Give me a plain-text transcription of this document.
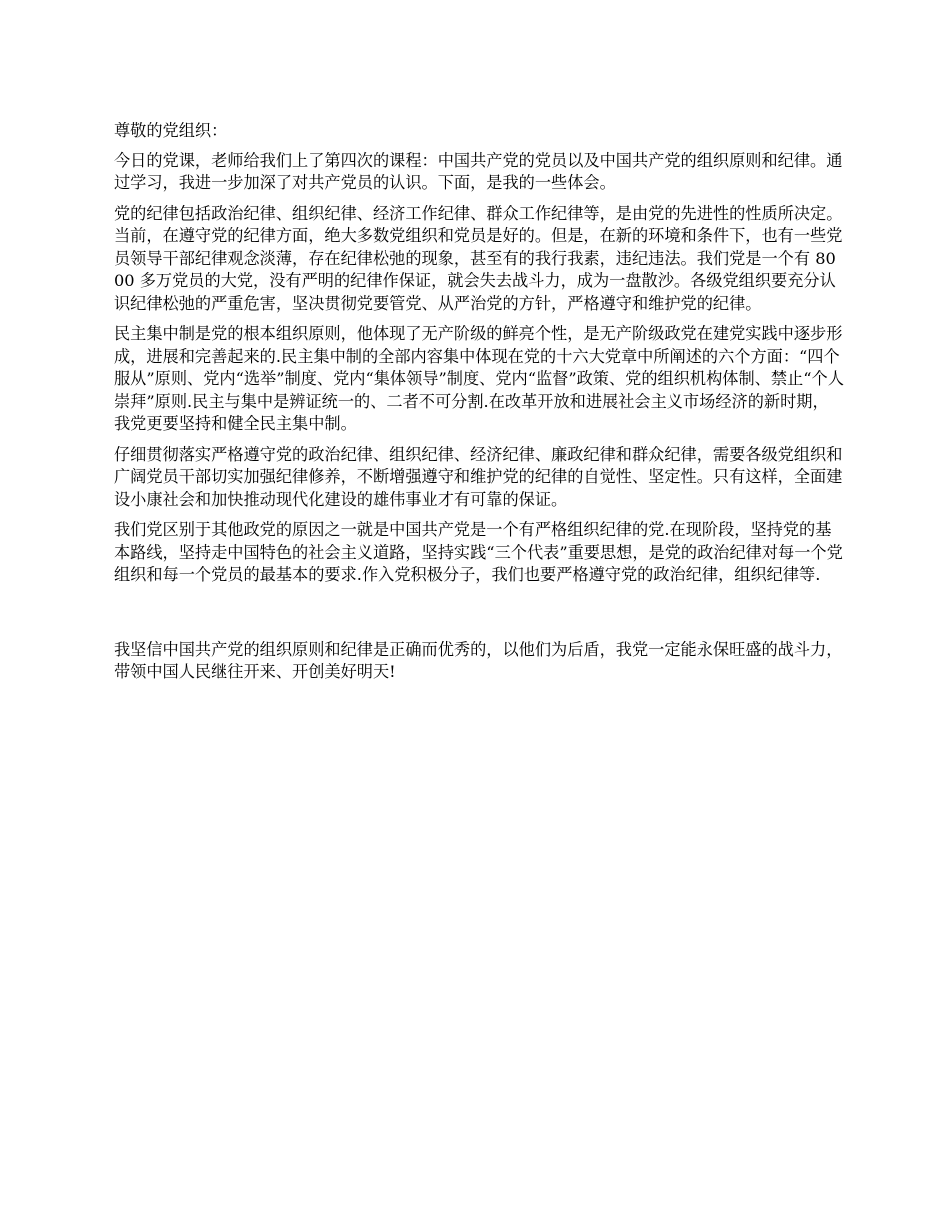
尊敬的党组织：

今日的党课，老师给我们上了第四次的课程：中国共产党的党员以及中国共产党的组织原则和纪律。通过学习，我进一步加深了对共产党员的认识。下面，是我的一些体会。

党的纪律包括政治纪律、组织纪律、经济工作纪律、群众工作纪律等，是由党的先进性的性质所决定。当前，在遵守党的纪律方面，绝大多数党组织和党员是好的。但是，在新的环境和条件下，也有一些党员领导干部纪律观念淡薄，存在纪律松弛的现象，甚至有的我行我素，违纪违法。我们党是一个有 8000 多万党员的大党，没有严明的纪律作保证，就会失去战斗力，成为一盘散沙。各级党组织要充分认识纪律松弛的严重危害，坚决贯彻党要管党、从严治党的方针，严格遵守和维护党的纪律。

民主集中制是党的根本组织原则，他体现了无产阶级的鲜亮个性，是无产阶级政党在建党实践中逐步形成，进展和完善起来的.民主集中制的全部内容集中体现在党的十六大党章中所阐述的六个方面：“四个服从”原则、党内“选举”制度、党内“集体领导”制度、党内“监督”政策、党的组织机构体制、禁止“个人崇拜”原则.民主与集中是辨证统一的、二者不可分割.在改革开放和进展社会主义市场经济的新时期，我党更要坚持和健全民主集中制。

仔细贯彻落实严格遵守党的政治纪律、组织纪律、经济纪律、廉政纪律和群众纪律，需要各级党组织和广阔党员干部切实加强纪律修养，不断增强遵守和维护党的纪律的自觉性、坚定性。只有这样，全面建设小康社会和加快推动现代化建设的雄伟事业才有可靠的保证。

我们党区别于其他政党的原因之一就是中国共产党是一个有严格组织纪律的党.在现阶段，坚持党的基本路线，坚持走中国特色的社会主义道路，坚持实践“三个代表”重要思想，是党的政治纪律对每一个党组织和每一个党员的最基本的要求.作入党积极分子，我们也要严格遵守党的政治纪律，组织纪律等.

我坚信中国共产党的组织原则和纪律是正确而优秀的，以他们为后盾，我党一定能永保旺盛的战斗力，带领中国人民继往开来、开创美好明天!
